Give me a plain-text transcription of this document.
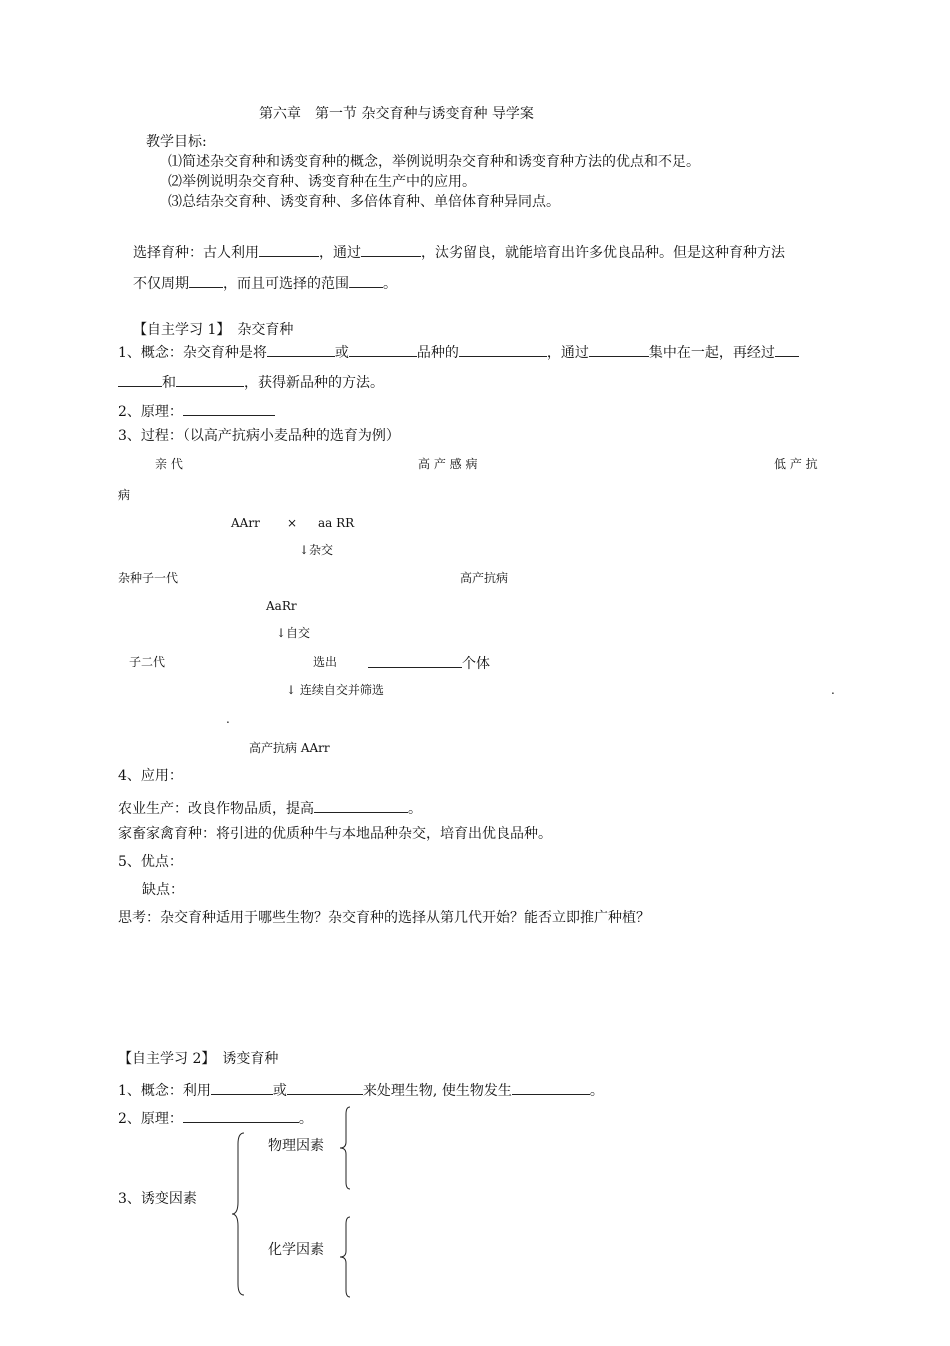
第六章　第一节 杂交育种与诱变育种 导学案
教学目标:
⑴简述杂交育种和诱变育种的概念，举例说明杂交育种和诱变育种方法的优点和不足。
⑵举例说明杂交育种、诱变育种在生产中的应用。
⑶总结杂交育种、诱变育种、多倍体育种、单倍体育种异同点。
选择育种：古人利用	，通过	，汰劣留良，就能培育出许多优良品种。但是这种育种方法
不仅周期 ，而且可选择的范围 。
【自主学习 1】　杂交育种
1、概念：杂交育种是将	或	品种的	，通过	集中在一起，再经过
和	，获得新品种的方法。
2、原理：
3、过程：（以高产抗病小麦品种的选育为例）
亲 代	高 产 感 病	低 产 抗
病
AArr × aa RR
↓杂交
杂种子一代	高产抗病
AaRr
↓自交
子二代	选出	个体
↓ 连续自交并筛选	.
.
高产抗病 AArr
4、应用：
农业生产：改良作物品质，提高	。
家畜家禽育种：将引进的优质种牛与本地品种杂交，培育出优良品种。
5、优点：
缺点：
思考：杂交育种适用于哪些生物？杂交育种的选择从第几代开始？能否立即推广种植？
【自主学习 2】　诱变育种
1、概念：利用	或	来处理生物, 使生物发生	。
2、原理：	。
3、诱变因素
物理因素
化学因素
